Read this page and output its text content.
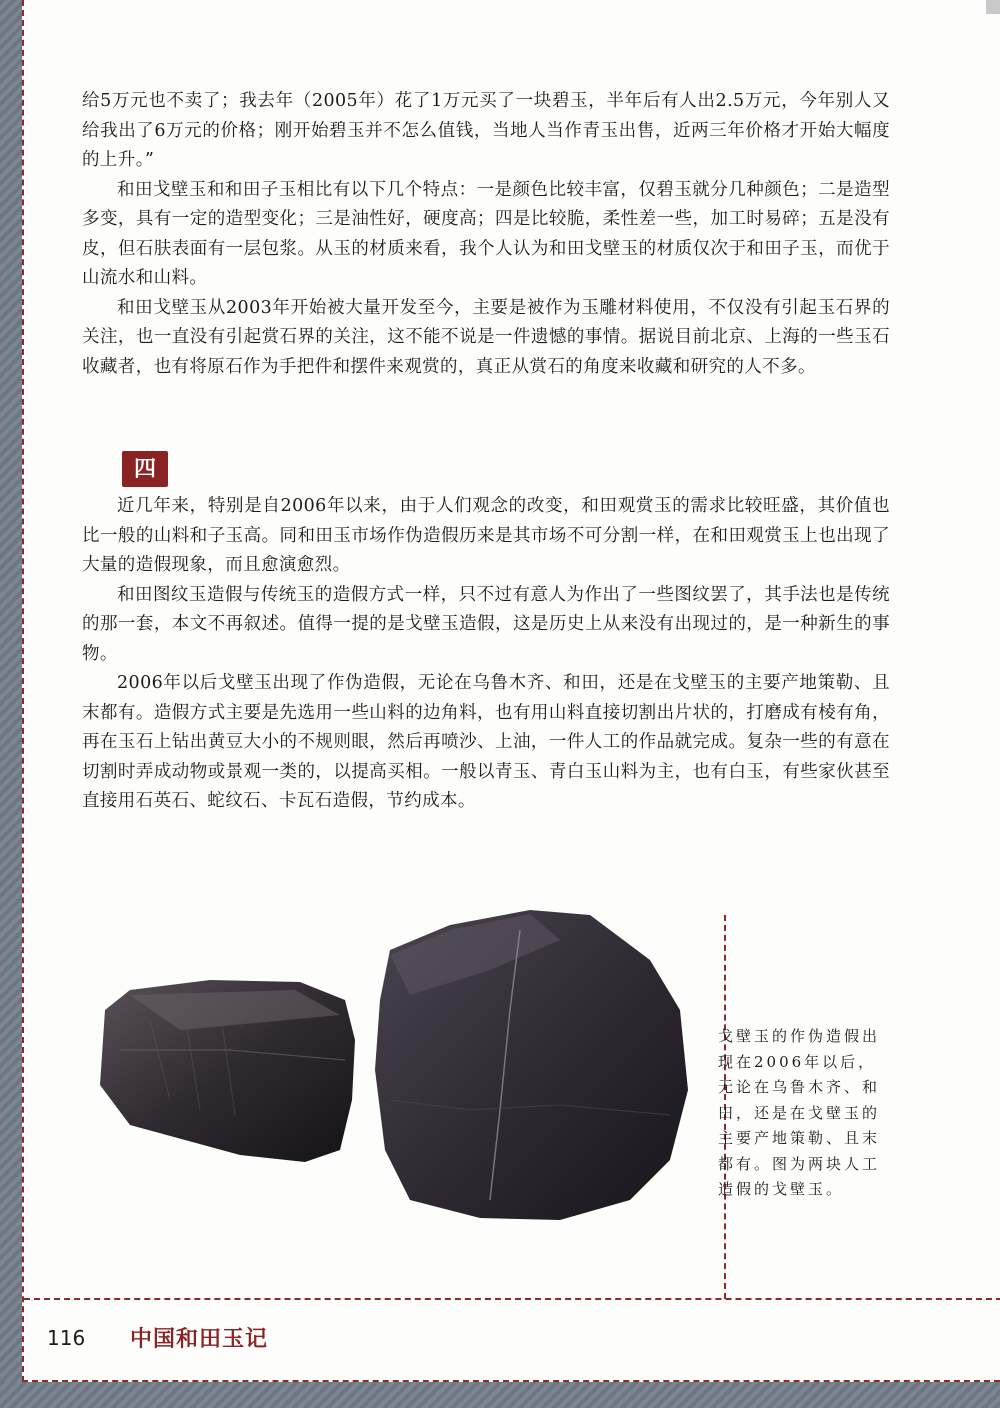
给5万元也不卖了；我去年（2005年）花了1万元买了一块碧玉，半年后有人出2.5万元，今年别人又给我出了6万元的价格；刚开始碧玉并不怎么值钱，当地人当作青玉出售，近两三年价格才开始大幅度的上升。”

和田戈壁玉和和田子玉相比有以下几个特点：一是颜色比较丰富，仅碧玉就分几种颜色；二是造型多变，具有一定的造型变化；三是油性好，硬度高；四是比较脆，柔性差一些，加工时易碎；五是没有皮，但石肤表面有一层包浆。从玉的材质来看，我个人认为和田戈壁玉的材质仅次于和田子玉，而优于山流水和山料。

和田戈壁玉从2003年开始被大量开发至今，主要是被作为玉雕材料使用，不仅没有引起玉石界的关注，也一直没有引起赏石界的关注，这不能不说是一件遗憾的事情。据说目前北京、上海的一些玉石收藏者，也有将原石作为手把件和摆件来观赏的，真正从赏石的角度来收藏和研究的人不多。

四

近几年来，特别是自2006年以来，由于人们观念的改变，和田观赏玉的需求比较旺盛，其价值也比一般的山料和子玉高。同和田玉市场作伪造假历来是其市场不可分割一样，在和田观赏玉上也出现了大量的造假现象，而且愈演愈烈。

和田图纹玉造假与传统玉的造假方式一样，只不过有意人为作出了一些图纹罢了，其手法也是传统的那一套，本文不再叙述。值得一提的是戈壁玉造假，这是历史上从来没有出现过的，是一种新生的事物。

2006年以后戈壁玉出现了作伪造假，无论在乌鲁木齐、和田，还是在戈壁玉的主要产地策勒、且末都有。造假方式主要是先选用一些山料的边角料，也有用山料直接切割出片状的，打磨成有棱有角，再在玉石上钻出黄豆大小的不规则眼，然后再喷沙、上油，一件人工的作品就完成。复杂一些的有意在切割时弄成动物或景观一类的，以提高买相。一般以青玉、青白玉山料为主，也有白玉，有些家伙甚至直接用石英石、蛇纹石、卡瓦石造假，节约成本。

戈壁玉的作伪造假出现在2006年以后，无论在乌鲁木齐、和田，还是在戈壁玉的主要产地策勒、且末都有。图为两块人工造假的戈壁玉。
116 中国和田玉记
